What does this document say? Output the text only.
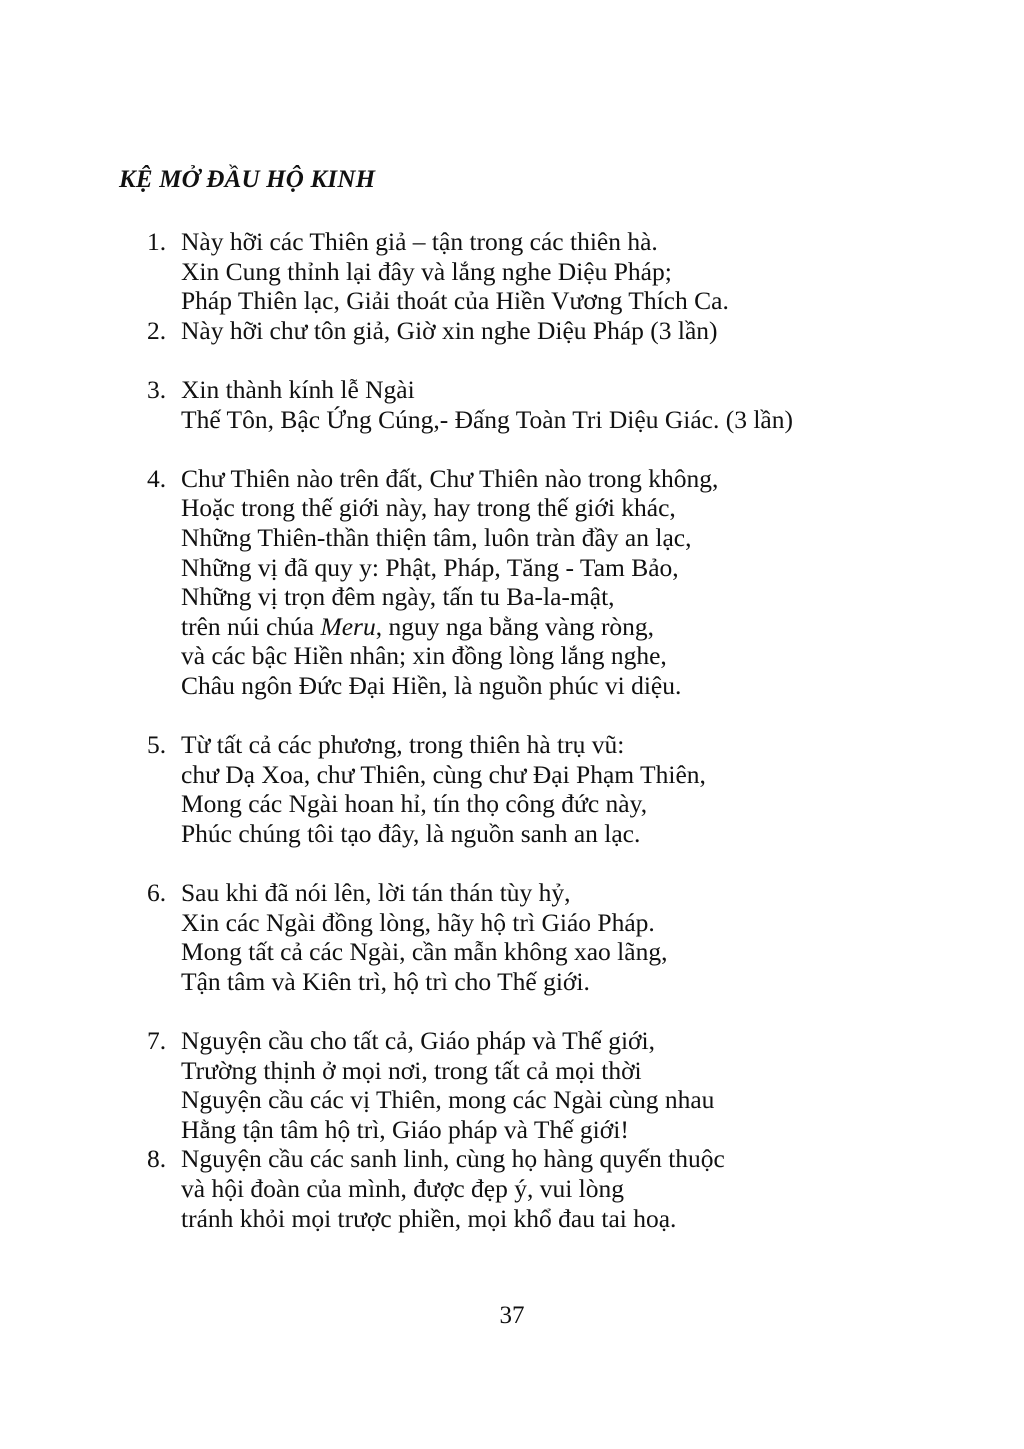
KỆ MỞ ĐẦU HỘ KINH
1. Này hỡi các Thiên giả – tận trong các thiên hà.
Xin Cung thỉnh lại đây và lắng nghe Diệu Pháp;
Pháp Thiên lạc, Giải thoát của Hiền Vương Thích Ca.
2. Này hỡi chư tôn giả, Giờ xin nghe Diệu Pháp (3 lần)
3. Xin thành kính lễ Ngài
Thế Tôn, Bậc Ứng Cúng,- Đấng Toàn Tri Diệu Giác. (3 lần)
4. Chư Thiên nào trên đất, Chư Thiên nào trong không,
Hoặc trong thế giới này, hay trong thế giới khác,
Những Thiên-thần thiện tâm, luôn tràn đầy an lạc,
Những vị đã quy y: Phật, Pháp, Tăng - Tam Bảo,
Những vị trọn đêm ngày, tấn tu Ba-la-mật,
trên núi chúa Meru, nguy nga bằng vàng ròng,
và các bậc Hiền nhân; xin đồng lòng lắng nghe,
Châu ngôn Đức Đại Hiền, là nguồn phúc vi diệu.
5. Từ tất cả các phương, trong thiên hà trụ vũ:
chư Dạ Xoa, chư Thiên, cùng chư Đại Phạm Thiên,
Mong các Ngài hoan hỉ, tín thọ công đức này,
Phúc chúng tôi tạo đây, là nguồn sanh an lạc.
6. Sau khi đã nói lên, lời tán thán tùy hỷ,
Xin các Ngài đồng lòng, hãy hộ trì Giáo Pháp.
Mong tất cả các Ngài, cần mẫn không xao lãng,
Tận tâm và Kiên trì, hộ trì cho Thế giới.
7. Nguyện cầu cho tất cả, Giáo pháp và Thế giới,
Trường thịnh ở mọi nơi, trong tất cả mọi thời
Nguyện cầu các vị Thiên, mong các Ngài cùng nhau
Hằng tận tâm hộ trì, Giáo pháp và Thế giới!
8. Nguyện cầu các sanh linh, cùng họ hàng quyến thuộc
và hội đoàn của mình, được đẹp ý, vui lòng
tránh khỏi mọi trược phiền, mọi khổ đau tai hoạ.
37
